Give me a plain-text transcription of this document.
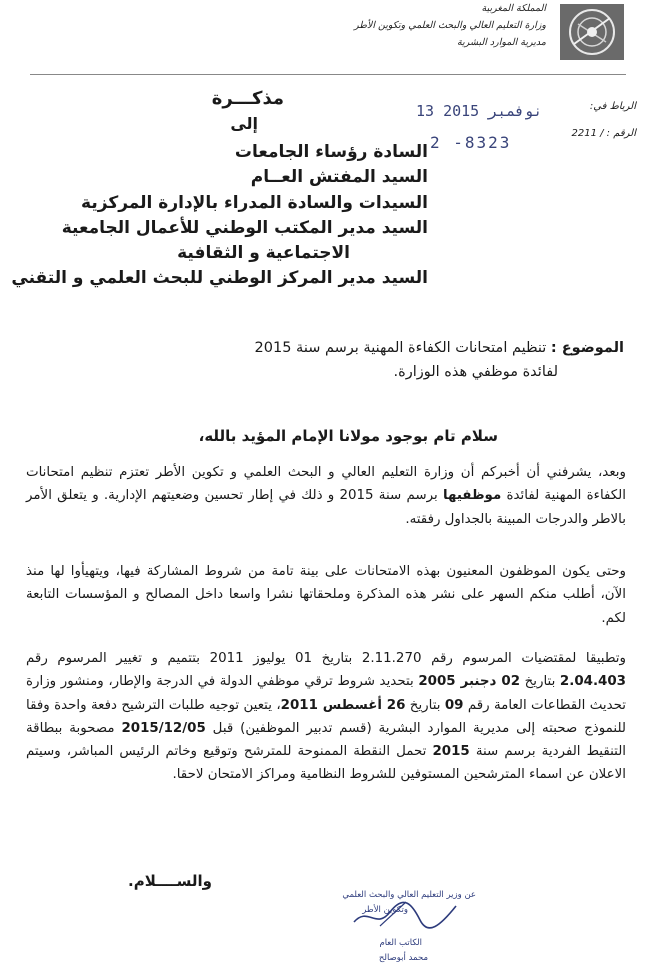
المملكة المغربية
وزارة التعليم العالي والبحث العلمي وتكوين الأطر
مديرية الموارد البشرية
الرباط في:
الرقم : / 2211
13 نوفمبر 2015
2 -8323
مذكـــرة
إلى
السادة رؤساء الجامعات
السيد المفتش العــام
السيدات والسادة المدراء بالإدارة المركزية
السيد مدير المكتب الوطني للأعمال الجامعية
الاجتماعية و الثقافية
السيد مدير المركز الوطني للبحث العلمي و التقني
الموضوع : تنظيم امتحانات الكفاءة المهنية برسم سنة 2015
لفائدة موظفي هذه الوزارة.
سلام تام بوجود مولانا الإمام المؤيد بالله،
وبعد، يشرفني أن أخبركم أن وزارة التعليم العالي و البحث العلمي و تكوين الأطر تعتزم تنظيم امتحانات الكفاءة المهنية لفائدة موظفيها برسم سنة 2015 و ذلك في إطار تحسين وضعيتهم الإدارية. و يتعلق الأمر بالاطر والدرجات المبينة بالجداول رفقته.
وحتى يكون الموظفون المعنيون بهذه الامتحانات على بينة تامة من شروط المشاركة فيها، ويتهيأوا لها منذ الآن، أطلب منكم السهر على نشر هذه المذكرة وملحقاتها نشرا واسعا داخل المصالح و المؤسسات التابعة لكم.
وتطبيقا لمقتضيات المرسوم رقم 2.11.270 بتاريخ 01 يوليوز 2011 بتتميم و تغيير المرسوم رقم 2.04.403 بتاريخ 02 دجنبر 2005 بتحديد شروط ترقي موظفي الدولة في الدرجة والإطار، ومنشور وزارة تحديث القطاعات العامة رقم 09 بتاريخ 26 أغسطس 2011، يتعين توجيه طلبات الترشيح دفعة واحدة وفقا للنموذج صحبته إلى مديرية الموارد البشرية (قسم تدبير الموظفين) قبل 2015/12/05 مصحوبة ببطاقة التنقيط الفردية برسم سنة 2015 تحمل النقطة الممنوحة للمترشح وتوقيع وخاتم الرئيس المباشر، وسيتم الاعلان عن اسماء المترشحين المستوفين للشروط النظامية ومراكز الامتحان لاحقا.
والســــلام.
عن وزير التعليم العالي والبحث العلمي
وتكوين الأطر
الكاتب العام
محمد أبوصالح
